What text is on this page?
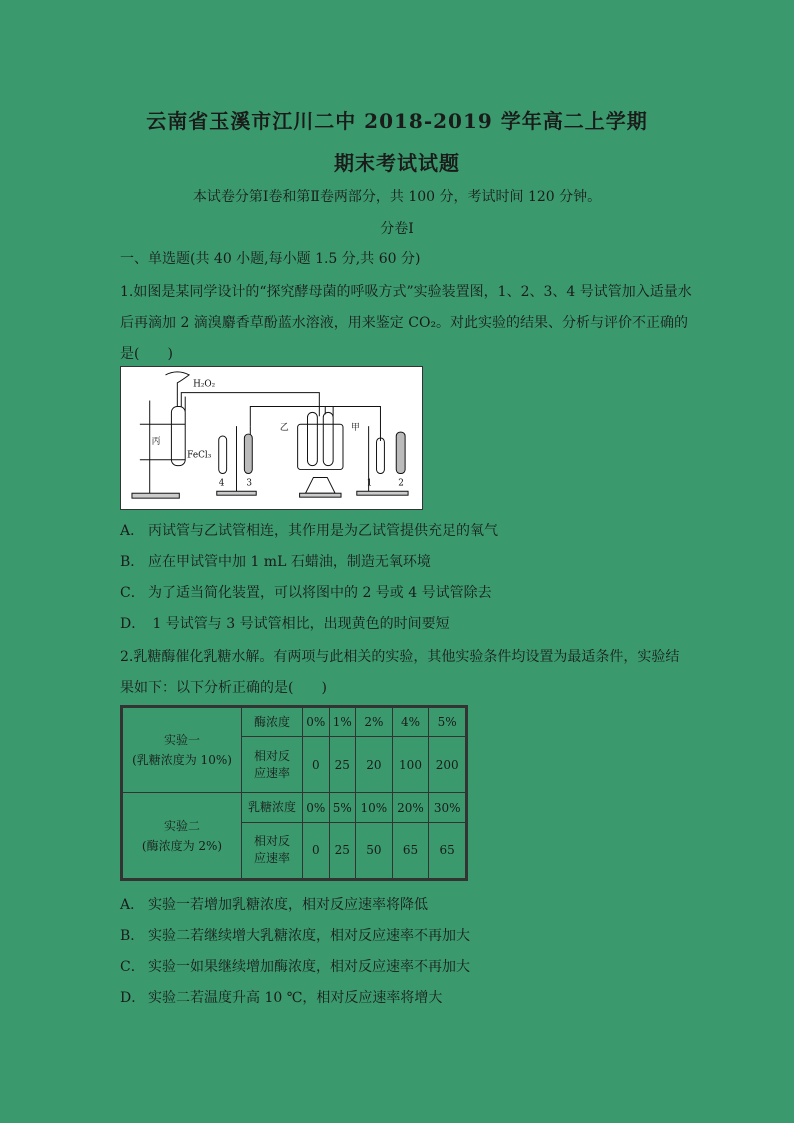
云南省玉溪市江川二中 2018-2019 学年高二上学期
期末考试试题
本试卷分第Ⅰ卷和第Ⅱ卷两部分，共 100 分，考试时间 120 分钟。
分卷Ⅰ
一、单选题(共 40 小题,每小题 1.5 分,共 60 分)
1.如图是某同学设计的“探究酵母菌的呼吸方式”实验装置图，1、2、3、4 号试管加入适量水
后再滴加 2 滴溴麝香草酚蓝水溶液，用来鉴定 CO₂。对此实验的结果、分析与评价不正确的
是(　　)
H₂O₂
丙
FeCl₃
乙	甲
4 3	1	2
A． 丙试管与乙试管相连，其作用是为乙试管提供充足的氧气
B． 应在甲试管中加 1 mL 石蜡油，制造无氧环境
C． 为了适当简化装置，可以将图中的 2 号或 4 号试管除去
D． 1 号试管与 3 号试管相比，出现黄色的时间要短
2.乳糖酶催化乳糖水解。有两项与此相关的实验，其他实验条件均设置为最适条件，实验结
果如下：以下分析正确的是(　　)
实验一
(乳糖浓度为 10%)	酶浓度	0%	1%	2%	4%	5%

	相对反
应速率	0	25	20	100	200

实验二
(酶浓度为 2%)	乳糖浓度	0%	5%	10%	20%	30%

	相对反
应速率	0	25	50	65	65
A． 实验一若增加乳糖浓度，相对反应速率将降低
B． 实验二若继续增大乳糖浓度，相对反应速率不再加大
C． 实验一如果继续增加酶浓度，相对反应速率不再加大
D． 实验二若温度升高 10 ℃，相对反应速率将增大
